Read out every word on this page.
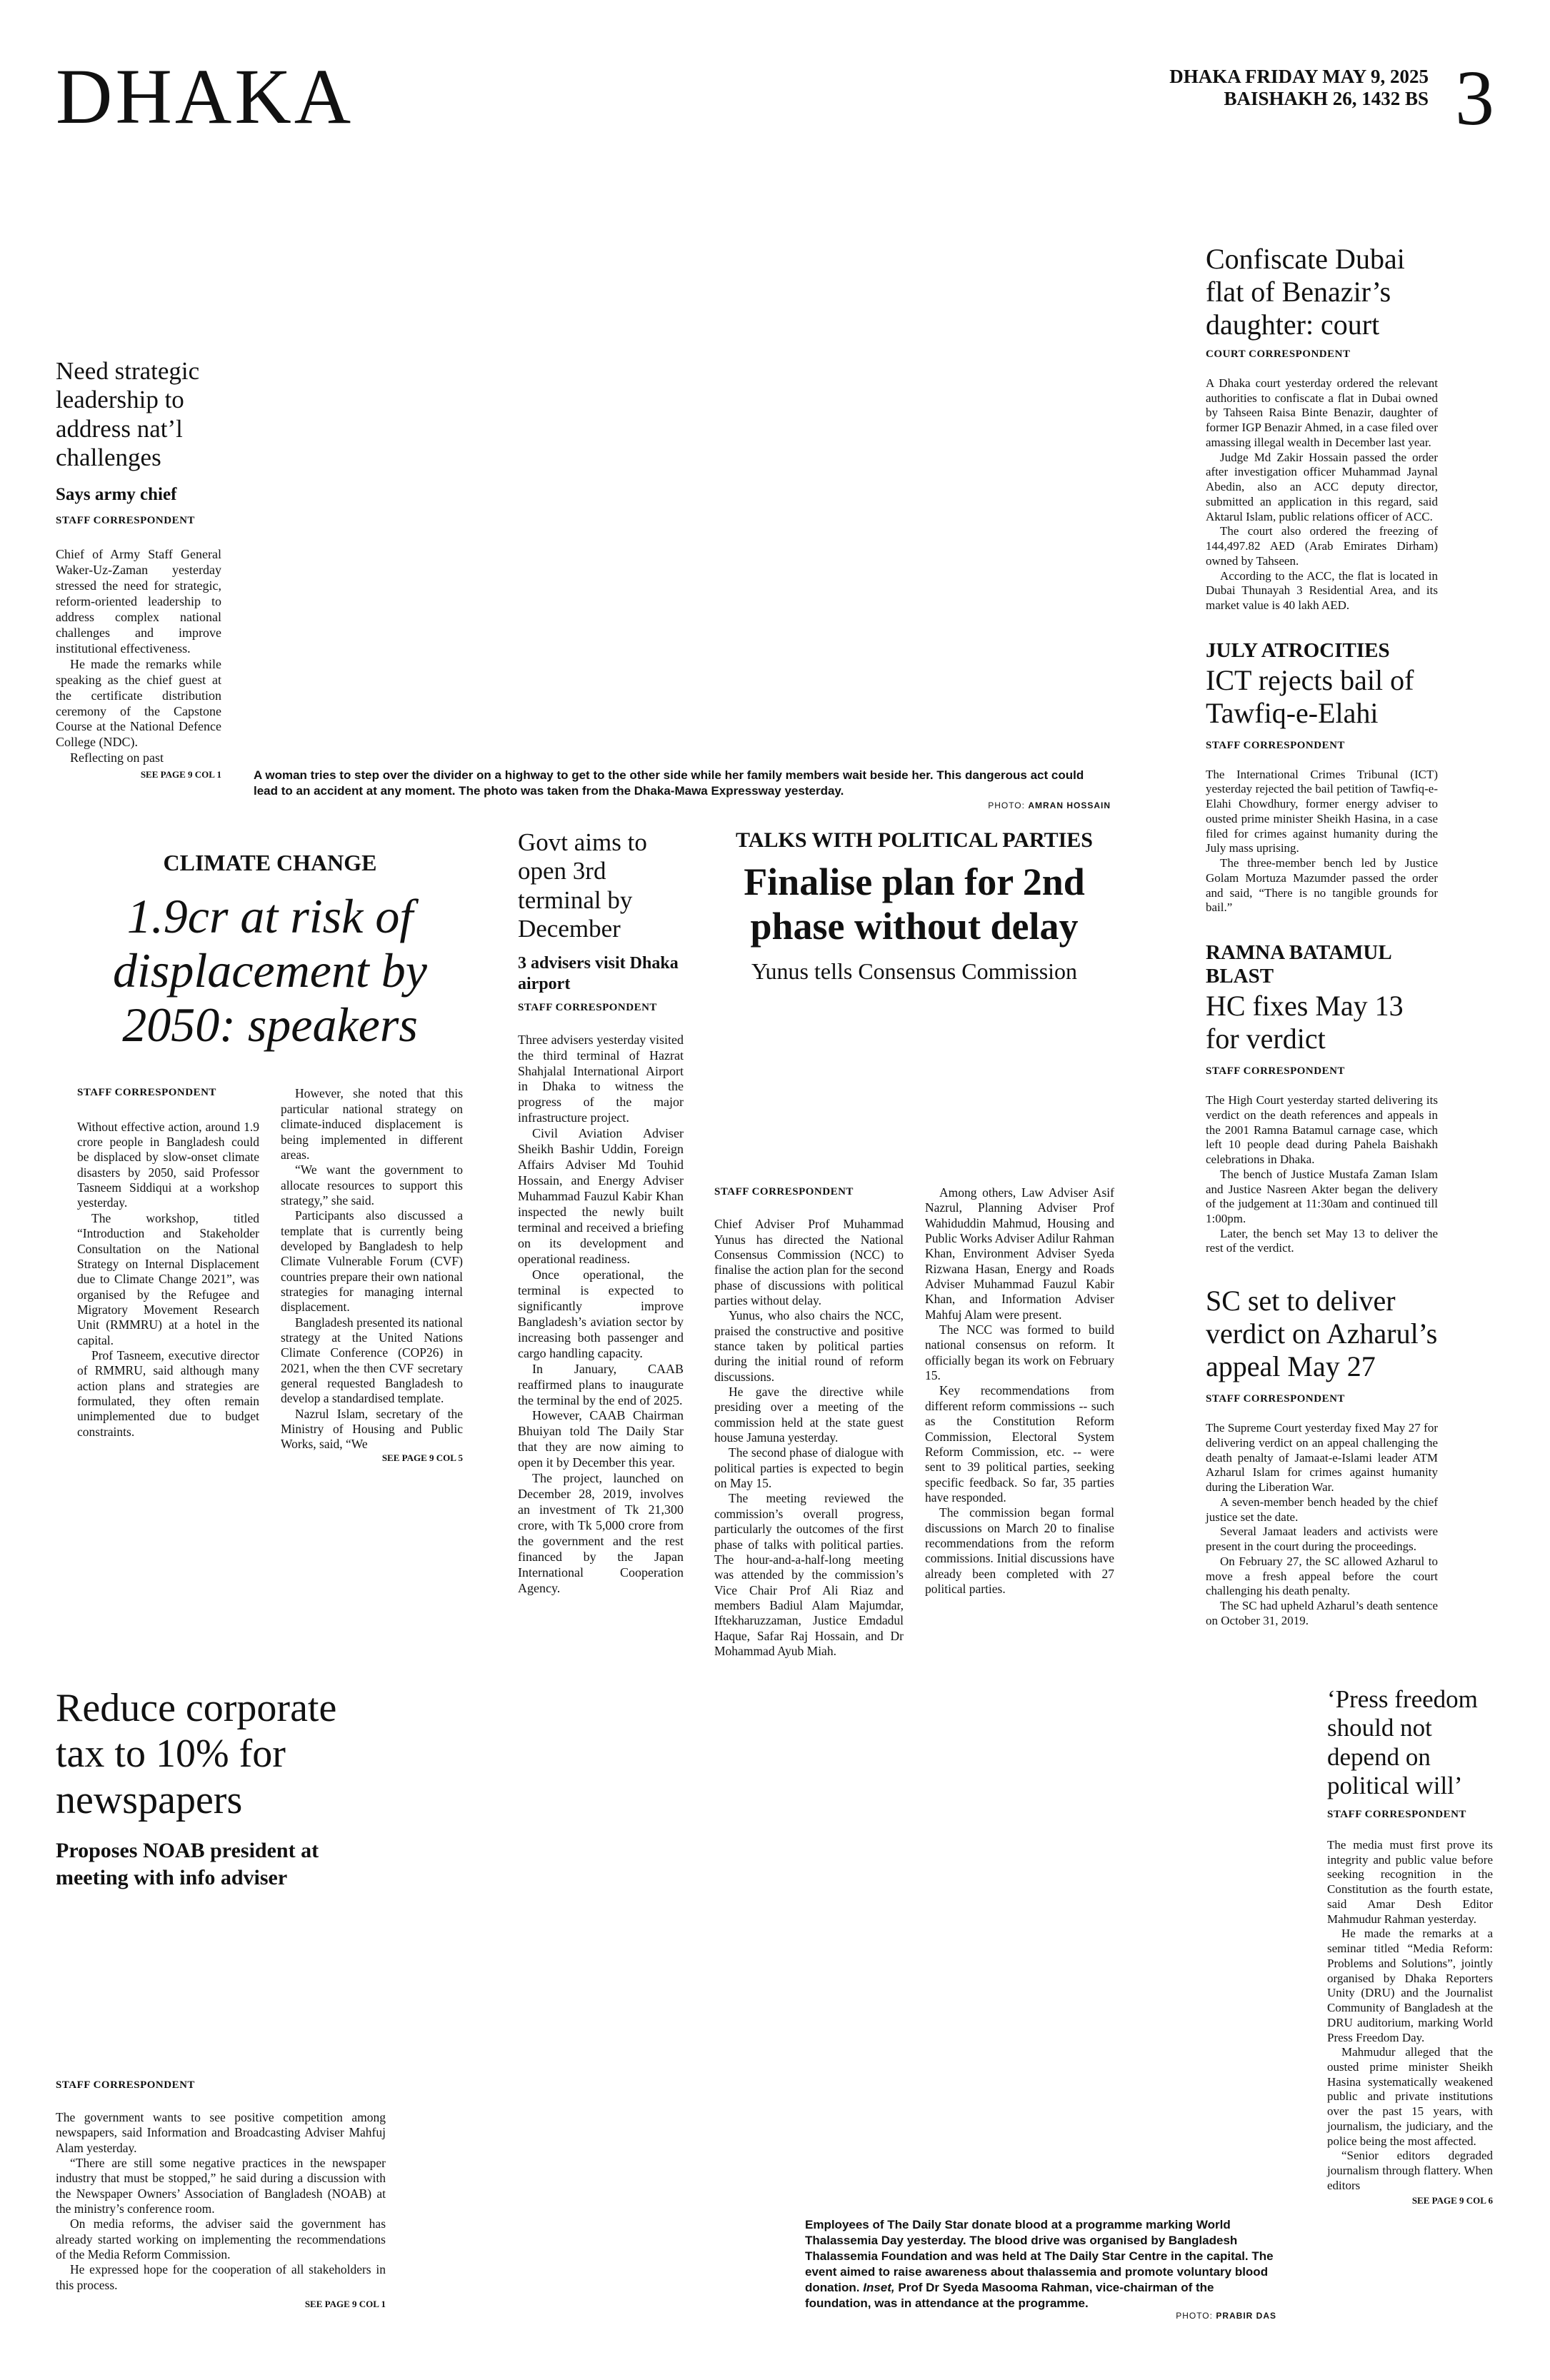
DHAKA	DHAKA FRIDAY MAY 9, 2025
BAISHAKH 26, 1432 BS 3
Need strategic leadership to address nat’l challenges
Says army chief
STAFF CORRESPONDENT

Chief of Army Staff General Waker-Uz-Zaman yesterday stressed the need for strategic, reform-oriented leadership to address complex national challenges and improve institutional effectiveness.

He made the remarks while speaking as the chief guest at the certificate distribution ceremony of the Capstone Course at the National Defence College (NDC).

Reflecting on past

SEE PAGE 9 COL 1	A woman tries to step over the divider on a highway to get to the other side while her family members wait beside her. This dangerous act could lead to an accident at any moment. The photo was taken from the Dhaka-Mawa Expressway yesterday.
PHOTO: AMRAN HOSSAIN
CLIMATE CHANGE
1.9cr at risk of displacement by 2050: speakers
STAFF CORRESPONDENT

Without effective action, around 1.9 crore people in Bangladesh could be displaced by slow-onset climate disasters by 2050, said Professor Tasneem Siddiqui at a workshop yesterday.

The workshop, titled “Introduction and Stakeholder Consultation on the National Strategy on Internal Displacement due to Climate Change 2021”, was organised by the Refugee and Migratory Movement Research Unit (RMMRU) at a hotel in the capital.

Prof Tasneem, executive director of RMMRU, said although many action plans and strategies are formulated, they often remain unimplemented due to budget constraints.

However, she noted that this particular national strategy on climate-induced displacement is being implemented in different areas.

“We want the government to allocate resources to support this strategy,” she said.

Participants also discussed a template that is currently being developed by Bangladesh to help Climate Vulnerable Forum (CVF) countries prepare their own national strategies for managing internal displacement.

Bangladesh presented its national strategy at the United Nations Climate Conference (COP26) in 2021, when the then CVF secretary general requested Bangladesh to develop a standardised template.

Nazrul Islam, secretary of the Ministry of Housing and Public Works, said, “We

SEE PAGE 9 COL 5
Govt aims to open 3rd terminal by December
3 advisers visit Dhaka airport
STAFF CORRESPONDENT

Three advisers yesterday visited the third terminal of Hazrat Shahjalal International Airport in Dhaka to witness the progress of the major infrastructure project.

Civil Aviation Adviser Sheikh Bashir Uddin, Foreign Affairs Adviser Md Touhid Hossain, and Energy Adviser Muhammad Fauzul Kabir Khan inspected the newly built terminal and received a briefing on its development and operational readiness.

Once operational, the terminal is expected to significantly improve Bangladesh’s aviation sector by increasing both passenger and cargo handling capacity.

In January, CAAB reaffirmed plans to inaugurate the terminal by the end of 2025.

However, CAAB Chairman Bhuiyan told The Daily Star that they are now aiming to open it by December this year.

The project, launched on December 28, 2019, involves an investment of Tk 21,300 crore, with Tk 5,000 crore from the government and the rest financed by the Japan International Cooperation Agency.

TALKS WITH POLITICAL PARTIES
Finalise plan for 2nd phase without delay
Yunus tells Consensus Commission
STAFF CORRESPONDENT

Chief Adviser Prof Muhammad Yunus has directed the National Consensus Commission (NCC) to finalise the action plan for the second phase of discussions with political parties without delay.

Yunus, who also chairs the NCC, praised the constructive and positive stance taken by political parties during the initial round of reform discussions.

He gave the directive while presiding over a meeting of the commission held at the state guest house Jamuna yesterday.

The second phase of dialogue with political parties is expected to begin on May 15.

The meeting reviewed the commission’s overall progress, particularly the outcomes of the first phase of talks with political parties. The hour-and-a-half-long meeting was attended by the commission’s Vice Chair Prof Ali Riaz and members Badiul Alam Majumdar, Iftekharuzzaman, Justice Emdadul Haque, Safar Raj Hossain, and Dr Mohammad Ayub Miah.

Among others, Law Adviser Asif Nazrul, Planning Adviser Prof Wahiduddin Mahmud, Housing and Public Works Adviser Adilur Rahman Khan, Environment Adviser Syeda Rizwana Hasan, Energy and Roads Adviser Muhammad Fauzul Kabir Khan, and Information Adviser Mahfuj Alam were present.

The NCC was formed to build national consensus on reform. It officially began its work on February 15.

Key recommendations from different reform commissions -- such as the Constitution Reform Commission, Electoral System Reform Commission, etc. -- were sent to 39 political parties, seeking specific feedback. So far, 35 parties have responded.

The commission began formal discussions on March 20 to finalise recommendations from the reform commissions. Initial discussions have already been completed with 27 political parties.

Confiscate Dubai flat of Benazir’s daughter: court
COURT CORRESPONDENT

A Dhaka court yesterday ordered the relevant authorities to confiscate a flat in Dubai owned by Tahseen Raisa Binte Benazir, daughter of former IGP Benazir Ahmed, in a case filed over amassing illegal wealth in December last year.

Judge Md Zakir Hossain passed the order after investigation officer Muhammad Jaynal Abedin, also an ACC deputy director, submitted an application in this regard, said Aktarul Islam, public relations officer of ACC.

The court also ordered the freezing of 144,497.82 AED (Arab Emirates Dirham) owned by Tahseen.

According to the ACC, the flat is located in Dubai Thunayah 3 Residential Area, and its market value is 40 lakh AED.

JULY ATROCITIES
ICT rejects bail of Tawfiq-e-Elahi
STAFF CORRESPONDENT

The International Crimes Tribunal (ICT) yesterday rejected the bail petition of Tawfiq-e-Elahi Chowdhury, former energy adviser to ousted prime minister Sheikh Hasina, in a case filed for crimes against humanity during the July mass uprising.

The three-member bench led by Justice Golam Mortuza Mazumder passed the order and said, “There is no tangible grounds for bail.”

RAMNA BATAMUL BLAST
HC fixes May 13 for verdict
STAFF CORRESPONDENT

The High Court yesterday started delivering its verdict on the death references and appeals in the 2001 Ramna Batamul carnage case, which left 10 people dead during Pahela Baishakh celebrations in Dhaka.

The bench of Justice Mustafa Zaman Islam and Justice Nasreen Akter began the delivery of the judgement at 11:30am and continued till 1:00pm.

Later, the bench set May 13 to deliver the rest of the verdict.

SC set to deliver verdict on Azharul’s appeal May 27
STAFF CORRESPONDENT

The Supreme Court yesterday fixed May 27 for delivering verdict on an appeal challenging the death penalty of Jamaat-e-Islami leader ATM Azharul Islam for crimes against humanity during the Liberation War.

A seven-member bench headed by the chief justice set the date.

Several Jamaat leaders and activists were present in the court during the proceedings.

On February 27, the SC allowed Azharul to move a fresh appeal before the court challenging his death penalty.

The SC had upheld Azharul’s death sentence on October 31, 2019.

Reduce corporate tax to 10% for newspapers
Proposes NOAB president at meeting with info adviser
STAFF CORRESPONDENT

The government wants to see positive competition among newspapers, said Information and Broadcasting Adviser Mahfuj Alam yesterday.

“There are still some negative practices in the newspaper industry that must be stopped,” he said during a discussion with the Newspaper Owners’ Association of Bangladesh (NOAB) at the ministry’s conference room.

On media reforms, the adviser said the government has already started working on implementing the recommendations of the Media Reform Commission.

He expressed hope for the cooperation of all stakeholders in this process.

SEE PAGE 9 COL 1
Employees of The Daily Star donate blood at a programme marking World Thalassemia Day yesterday. The blood drive was organised by Bangladesh Thalassemia Foundation and was held at The Daily Star Centre in the capital. The event aimed to raise awareness about thalassemia and promote voluntary blood donation. Inset, Prof Dr Syeda Masooma Rahman, vice-chairman of the foundation, was in attendance at the programme.
PHOTO: PRABIR DAS
‘Press freedom should not depend on political will’
STAFF CORRESPONDENT

The media must first prove its integrity and public value before seeking recognition in the Constitution as the fourth estate, said Amar Desh Editor Mahmudur Rahman yesterday.

He made the remarks at a seminar titled “Media Reform: Problems and Solutions”, jointly organised by Dhaka Reporters Unity (DRU) and the Journalist Community of Bangladesh at the DRU auditorium, marking World Press Freedom Day.

Mahmudur alleged that the ousted prime minister Sheikh Hasina systematically weakened public and private institutions over the past 15 years, with journalism, the judiciary, and the police being the most affected.

“Senior editors degraded journalism through flattery. When editors

SEE PAGE 9 COL 6
